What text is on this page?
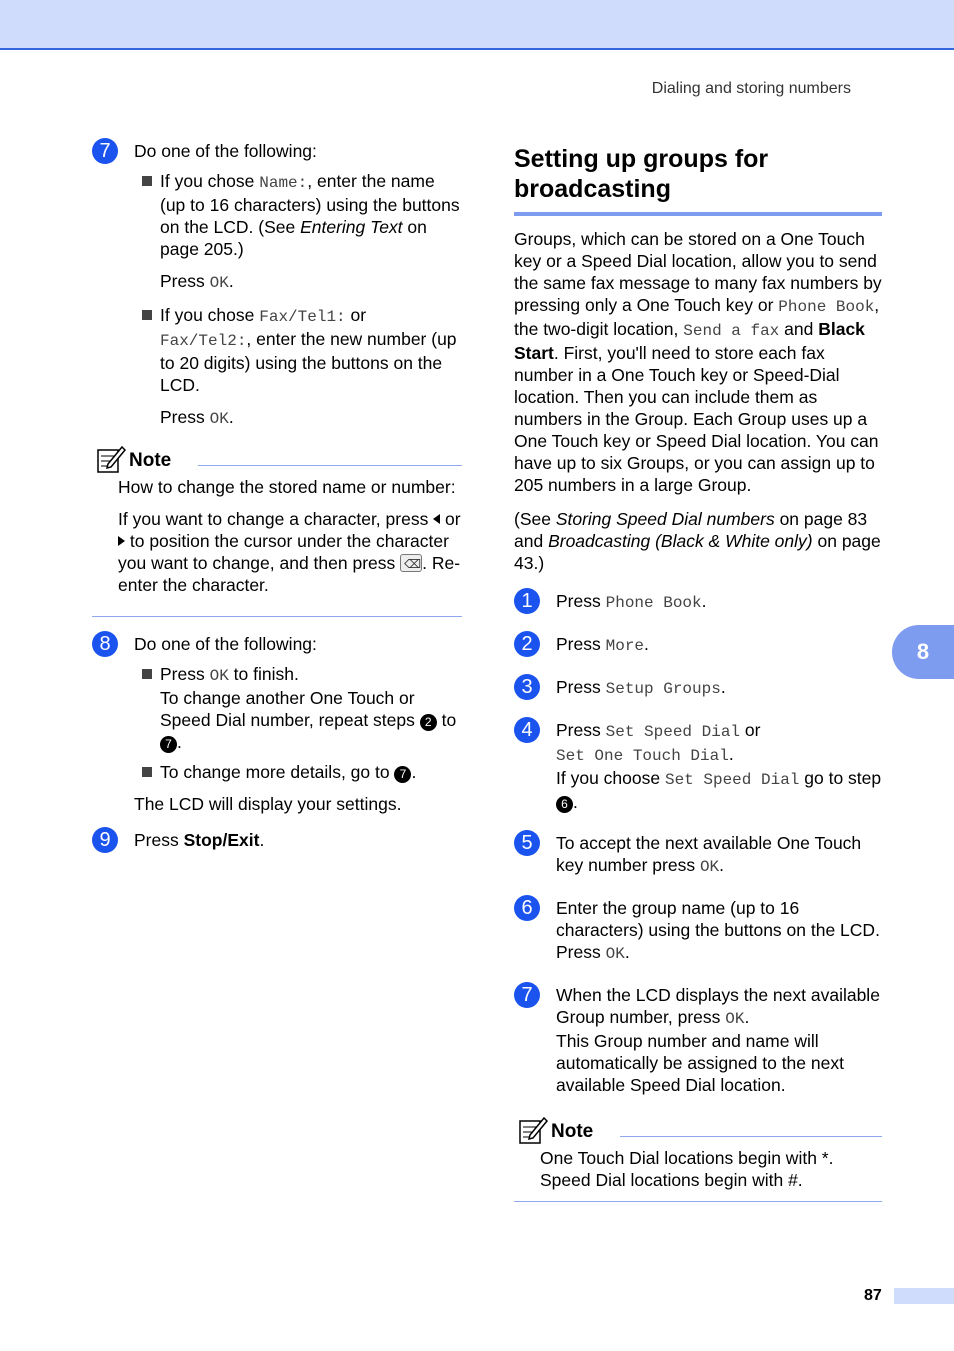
Dialing and storing numbers
7	Do one of the following:
If you chose Name:, enter the name (up to 16 characters) using the buttons on the LCD. (See Entering Text on page 205.)
Press OK.
If you chose Fax/Tel1: or Fax/Tel2:, enter the new number (up to 20 digits) using the buttons on the LCD.
Press OK.
Note

How to change the stored name or number:

If you want to change a character, press  or  to position the cursor under the character you want to change, and then press ⌫. Re-enter the character.

8	Do one of the following:
Press OK to finish.
To change another One Touch or Speed Dial number, repeat steps 2 to 7 .
To change more details, go to 7 .
The LCD will display your settings.
9	Press Stop/Exit.
Setting up groups for broadcasting

Groups, which can be stored on a One Touch key or a Speed Dial location, allow you to send the same fax message to many fax numbers by pressing only a One Touch key or Phone Book, the two-digit location, Send a fax and Black Start. First, you'll need to store each fax number in a One Touch key or Speed-Dial location. Then you can include them as numbers in the Group. Each Group uses up a One Touch key or Speed Dial location. You can have up to six Groups, or you can assign up to 205 numbers in a large Group.

(See Storing Speed Dial numbers on page 83 and Broadcasting (Black & White only) on page 43.)

1	Press Phone Book.
2	Press More.
3	Press Setup Groups.
4	Press Set Speed Dial or
Set One Touch Dial.
If you choose Set Speed Dial go to step 6 .
5	To accept the next available One Touch key number press OK.
6	Enter the group name (up to 16 characters) using the buttons on the LCD.
Press OK.
7	When the LCD displays the next available Group number, press OK.
This Group number and name will automatically be assigned to the next available Speed Dial location.
Note
One Touch Dial locations begin with *.
Speed Dial locations begin with #.
8
87
